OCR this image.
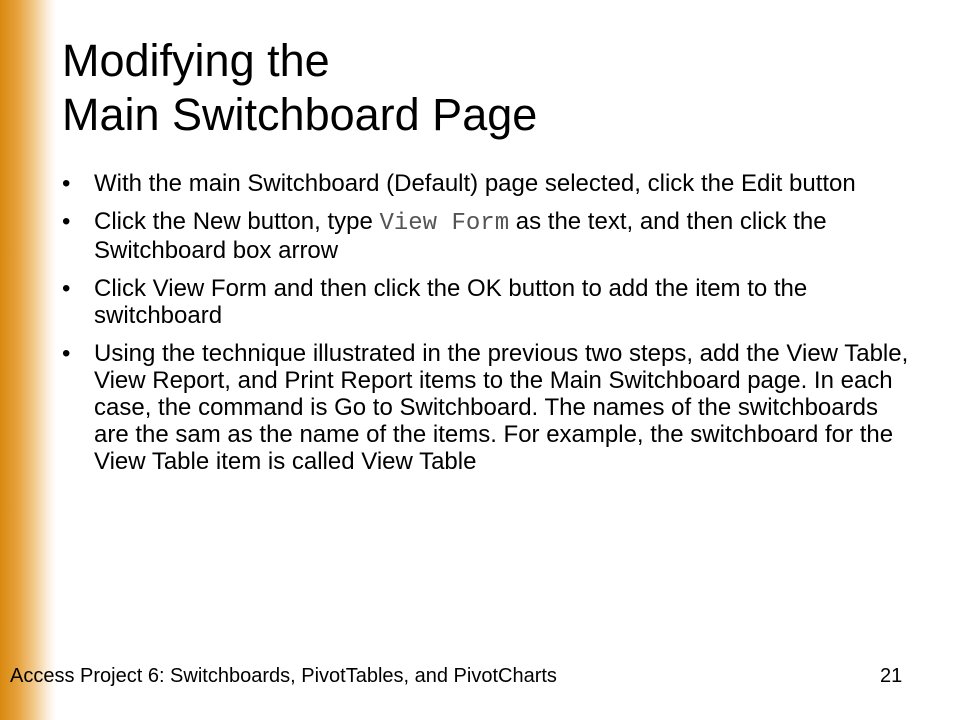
Modifying the
Main Switchboard Page
• With the main Switchboard (Default) page selected, click the Edit button
• Click the New button, type View Form as the text, and then click the Switchboard box arrow
• Click View Form and then click the OK button to add the item to the switchboard
• Using the technique illustrated in the previous two steps, add the View Table, View Report, and Print Report items to the Main Switchboard page. In each case, the command is Go to Switchboard. The names of the switchboards are the sam as the name of the items. For example, the switchboard for the View Table item is called View Table
Access Project 6: Switchboards, PivotTables, and PivotCharts	21
